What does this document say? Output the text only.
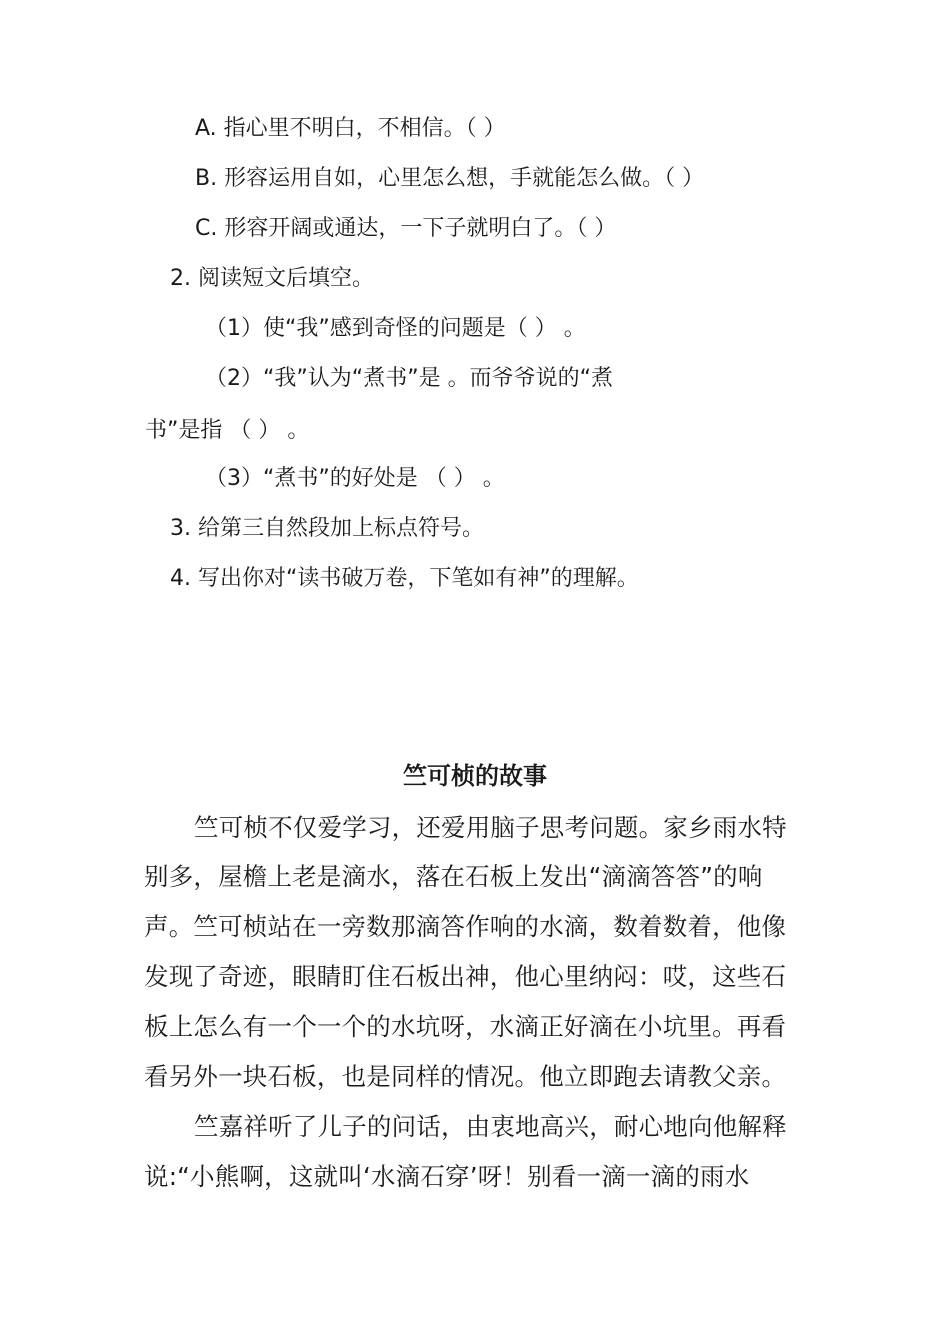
A. 指心里不明白，不相信。（ ）
B. 形容运用自如，心里怎么想，手就能怎么做。（ ）
C. 形容开阔或通达，一下子就明白了。（ ）
2. 阅读短文后填空。
（1）使“我”感到奇怪的问题是（ ） 。
（2）“我”认为“煮书”是 。而爷爷说的“煮
书”是指 （ ） 。
（3）“煮书”的好处是 （ ） 。
3. 给第三自然段加上标点符号。
4. 写出你对“读书破万卷，下笔如有神”的理解。
竺可桢的故事
竺可桢不仅爱学习，还爱用脑子思考问题。家乡雨水特
别多，屋檐上老是滴水，落在石板上发出“滴滴答答”的响
声。竺可桢站在一旁数那滴答作响的水滴，数着数着，他像
发现了奇迹，眼睛盯住石板出神，他心里纳闷：哎，这些石
板上怎么有一个一个的水坑呀，水滴正好滴在小坑里。再看
看另外一块石板，也是同样的情况。他立即跑去请教父亲。
竺嘉祥听了儿子的问话，由衷地高兴，耐心地向他解释
说:“小熊啊，这就叫‘水滴石穿’呀！别看一滴一滴的雨水
